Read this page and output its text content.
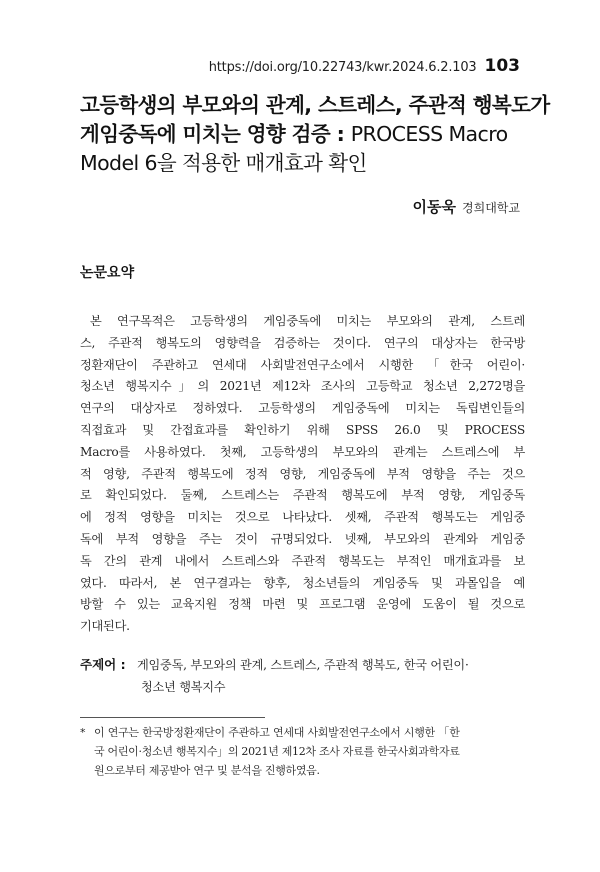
https://doi.org/10.22743/kwr.2024.6.2.103 103
고등학생의 부모와의 관계, 스트레스, 주관적 행복도가
게임중독에 미치는 영향 검증 : PROCESS Macro
Model 6을 적용한 매개효과 확인
이동욱 경희대학교
논문요약
본 연구목적은 고등학생의 게임중독에 미치는 부모와의 관계, 스트레
스, 주관적 행복도의 영향력을 검증하는 것이다. 연구의 대상자는 한국방
정환재단이 주관하고 연세대 사회발전연구소에서 시행한 「한국 어린이·
청소년 행복지수」의 2021년 제12차 조사의 고등학교 청소년 2,272명을
연구의 대상자로 정하였다. 고등학생의 게임중독에 미치는 독립변인들의
직접효과 및 간접효과를 확인하기 위해 SPSS 26.0 및 PROCESS
Macro를 사용하였다. 첫째, 고등학생의 부모와의 관계는 스트레스에 부
적 영향, 주관적 행복도에 정적 영향, 게임중독에 부적 영향을 주는 것으
로 확인되었다. 둘째, 스트레스는 주관적 행복도에 부적 영향, 게임중독
에 정적 영향을 미치는 것으로 나타났다. 셋째, 주관적 행복도는 게임중
독에 부적 영향을 주는 것이 규명되었다. 넷째, 부모와의 관계와 게임중
독 간의 관계 내에서 스트레스와 주관적 행복도는 부적인 매개효과를 보
였다. 따라서, 본 연구결과는 향후, 청소년들의 게임중독 및 과몰입을 예
방할 수 있는 교육지원 정책 마련 및 프로그램 운영에 도움이 될 것으로
기대된다.
주제어 : 게임중독, 부모와의 관계, 스트레스, 주관적 행복도, 한국 어린이·
청소년 행복지수
* 이 연구는 한국방정환재단이 주관하고 연세대 사회발전연구소에서 시행한 「한
국 어린이·청소년 행복지수」의 2021년 제12차 조사 자료를 한국사회과학자료
원으로부터 제공받아 연구 및 분석을 진행하였음.
